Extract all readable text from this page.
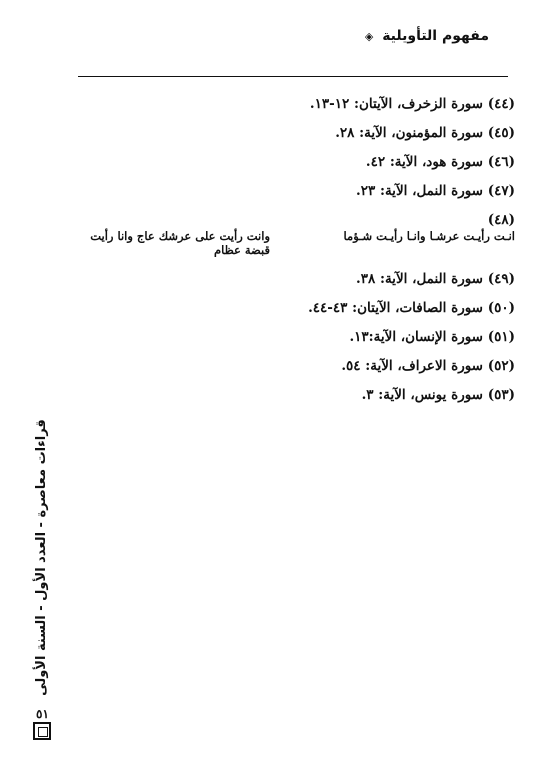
مفهوم التأويلية ◈
(٤٤) سورة الزخرف، الآيتان: ١٢-١٣.
(٤٥) سورة المؤمنون، الآية: ٢٨.
(٤٦) سورة هود، الآية: ٤٢.
(٤٧) سورة النمل، الآية: ٢٣.
(٤٨)
انـت رأيـت عرشـا وانـا رأيـت شـؤما
وانت رأيت على عرشك عاج وانا رأيت قبضة عظام
(٤٩) سورة النمل، الآية: ٣٨.
(٥٠) سورة الصافات، الآيتان: ٤٣-٤٤.
(٥١) سورة الإنسان، الآية:١٣.
(٥٢) سورة الاعراف، الآية: ٥٤.
(٥٣) سورة يونس، الآية: ٣.
قراءات معاصرة - العدد الأول - السنة الأولى
٥١
